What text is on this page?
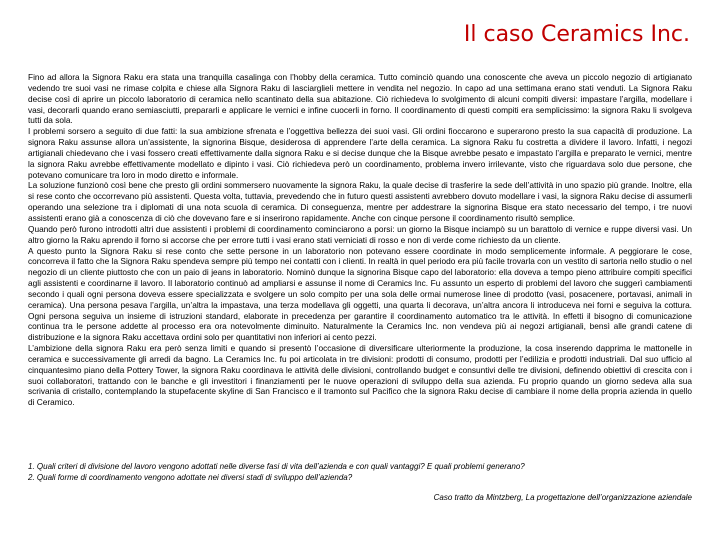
Il caso Ceramics Inc.

Fino ad allora la Signora Raku era stata una tranquilla casalinga con l’hobby della ceramica. Tutto cominciò quando una conoscente che aveva un piccolo negozio di artigianato vedendo tre suoi vasi ne rimase colpita e chiese alla Signora Raku di lasciarglieli mettere in vendita nel negozio. In capo ad una settimana erano stati venduti. La Signora Raku decise così di aprire un piccolo laboratorio di ceramica nello scantinato della sua abitazione. Ciò richiedeva lo svolgimento di alcuni compiti diversi: impastare l’argilla, modellare i vasi, decorarli quando erano semiasciutti, prepararli e applicare le vernici e infine cuocerli in forno. Il coordinamento di questi compiti era semplicissimo: la signora Raku li svolgeva tutti da sola.

I problemi sorsero a seguito di due fatti: la sua ambizione sfrenata e l’oggettiva bellezza dei suoi vasi. Gli ordini fioccarono e superarono presto la sua capacità di produzione. La signora Raku assunse allora un’assistente, la signorina Bisque, desiderosa di apprendere l’arte della ceramica. La signora Raku fu costretta a dividere il lavoro. Infatti, i negozi artigianali chiedevano che i vasi fossero creati effettivamente dalla signora Raku e si decise dunque che la Bisque avrebbe pesato e impastato l’argilla e preparato le vernici, mentre la signora Raku avrebbe effettivamente modellato e dipinto i vasi. Ciò richiedeva però un coordinamento, problema invero irrilevante, visto che riguardava solo due persone, che potevano comunicare tra loro in modo diretto e informale.

La soluzione funzionò così bene che presto gli ordini sommersero nuovamente la signora Raku, la quale decise di trasferire la sede dell’attività in uno spazio più grande. Inoltre, ella si rese conto che occorrevano più assistenti. Questa volta, tuttavia, prevedendo che in futuro questi assistenti avrebbero dovuto modellare i vasi, la signora Raku decise di assumerli operando una selezione tra i diplomati di una nota scuola di ceramica. Di conseguenza, mentre per addestrare la signorina Bisque era stato necessario del tempo, i tre nuovi assistenti erano già a conoscenza di ciò che dovevano fare e si inserirono rapidamente. Anche con cinque persone il coordinamento risultò semplice.

Quando però furono introdotti altri due assistenti i problemi di coordinamento cominciarono a porsi: un giorno la Bisque inciampò su un barattolo di vernice e ruppe diversi vasi. Un altro giorno la Raku aprendo il forno si accorse che per errore tutti i vasi erano stati verniciati di rosso e non di verde come richiesto da un cliente.

A questo punto la Signora Raku si rese conto che sette persone in un laboratorio non potevano essere coordinate in modo semplicemente informale. A peggiorare le cose, concorreva il fatto che la Signora Raku spendeva sempre più tempo nei contatti con i clienti. In realtà in quel periodo era più facile trovarla con un vestito di sartoria nello studio o nel negozio di un cliente piuttosto che con un paio di jeans in laboratorio. Nominò dunque la signorina Bisque capo del laboratorio: ella doveva a tempo pieno attribuire compiti specifici agli assistenti e coordinarne il lavoro. Il laboratorio continuò ad ampliarsi e assunse il nome di Ceramics Inc. Fu assunto un esperto di problemi del lavoro che suggerì cambiamenti secondo i quali ogni persona doveva essere specializzata e svolgere un solo compito per una sola delle ormai numerose linee di prodotto (vasi, posacenere, portavasi, animali in ceramica). Una persona pesava l’argilla, un’altra la impastava, una terza modellava gli oggetti, una quarta li decorava, un’altra ancora li introduceva nei forni e seguiva la cottura. Ogni persona seguiva un insieme di istruzioni standard, elaborate in precedenza per garantire il coordinamento automatico tra le attività. In effetti il bisogno di comunicazione continua tra le persone addette al processo era ora notevolmente diminuito. Naturalmente la Ceramics Inc. non vendeva più ai negozi artigianali, bensì alle grandi catene di distribuzione e la signora Raku accettava ordini solo per quantitativi non inferiori ai cento pezzi.

L’ambizione della signora Raku era però senza limiti e quando si presentò l’occasione di diversificare ulteriormente la produzione, la cosa inserendo dapprima le mattonelle in ceramica e successivamente gli arredi da bagno. La Ceramics Inc. fu poi articolata in tre divisioni: prodotti di consumo, prodotti per l’edilizia e prodotti industriali. Dal suo ufficio al cinquantesimo piano della Pottery Tower, la signora Raku coordinava le attività delle divisioni, controllando budget e consuntivi delle tre divisioni, definendo obiettivi di crescita con i suoi collaboratori, trattando con le banche e gli investitori i finanziamenti per le nuove operazioni di sviluppo della sua azienda. Fu proprio quando un giorno sedeva alla sua scrivania di cristallo, contemplando la stupefacente skyline di San Francisco e il tramonto sul Pacifico che la signora Raku decise di cambiare il nome della propria azienda in quello di Ceramico.

1. Quali criteri di divisione del lavoro vengono adottati nelle diverse fasi di vita dell’azienda e con quali vantaggi? E quali problemi generano?

2. Quali forme di coordinamento vengono adottate nei diversi stadi di sviluppo dell’azienda?

Caso tratto da Mintzberg, La progettazione dell’organizzazione aziendale
